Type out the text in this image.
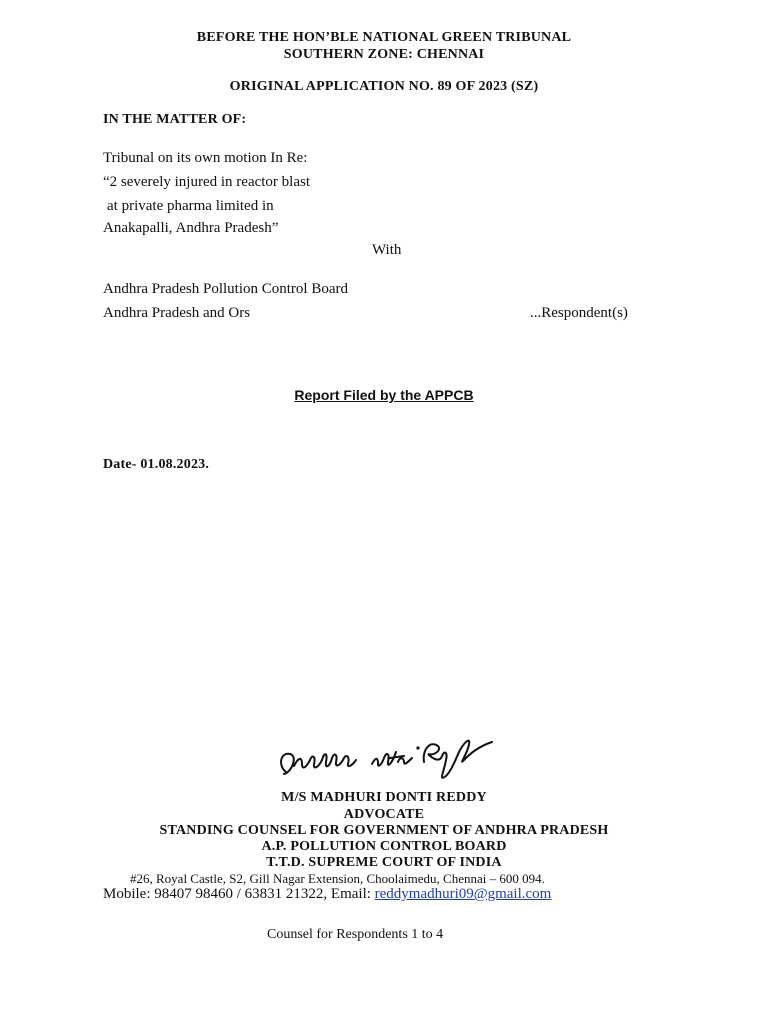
BEFORE THE HON’BLE NATIONAL GREEN TRIBUNAL
SOUTHERN ZONE: CHENNAI
ORIGINAL APPLICATION NO. 89 OF 2023 (SZ)
IN THE MATTER OF:
Tribunal on its own motion In Re:
“2 severely injured in reactor blast
at private pharma limited in
Anakapalli, Andhra Pradesh”
With
Andhra Pradesh Pollution Control Board
Andhra Pradesh and Ors	...Respondent(s)
Report Filed by the APPCB
Date- 01.08.2023.
M/S MADHURI DONTI REDDY
ADVOCATE
STANDING COUNSEL FOR GOVERNMENT OF ANDHRA PRADESH
A.P. POLLUTION CONTROL BOARD
T.T.D. SUPREME COURT OF INDIA
#26, Royal Castle, S2, Gill Nagar Extension, Choolaimedu, Chennai – 600 094.
Mobile: 98407 98460 / 63831 21322, Email: reddymadhuri09@gmail.com
Counsel for Respondents 1 to 4
